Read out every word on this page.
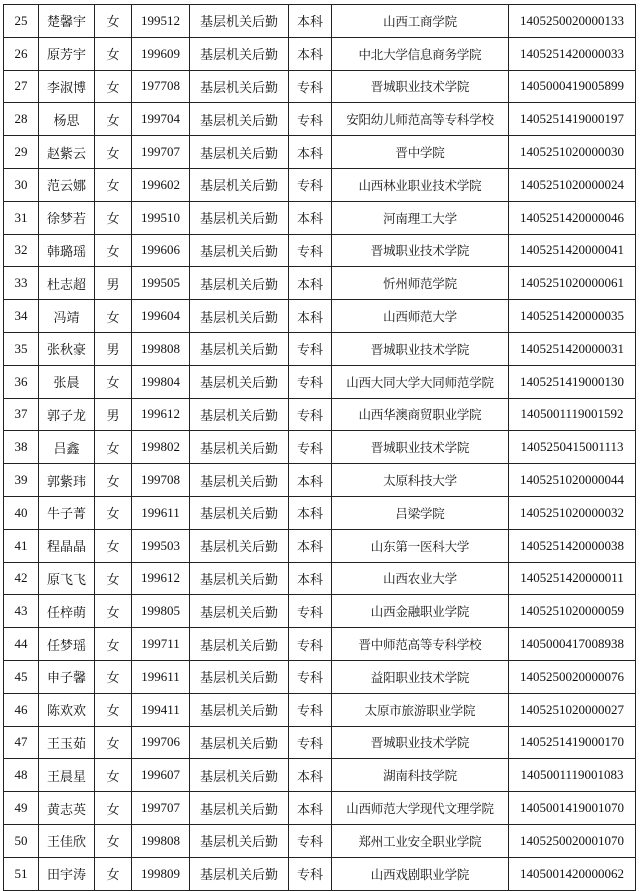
25	楚馨宇	女	199512	基层机关后勤	本科	山西工商学院	1405250020000133
26	原芳宇	女	199609	基层机关后勤	本科	中北大学信息商务学院	1405251420000033
27	李淑博	女	197708	基层机关后勤	专科	晋城职业技术学院	1405000419005899
28	杨思	女	199704	基层机关后勤	专科	安阳幼儿师范高等专科学校	1405251419000197
29	赵紫云	女	199707	基层机关后勤	本科	晋中学院	1405251020000030
30	范云娜	女	199602	基层机关后勤	专科	山西林业职业技术学院	1405251020000024
31	徐梦若	女	199510	基层机关后勤	本科	河南理工大学	1405251420000046
32	韩璐瑶	女	199606	基层机关后勤	专科	晋城职业技术学院	1405251420000041
33	杜志超	男	199505	基层机关后勤	本科	忻州师范学院	1405251020000061
34	冯靖	女	199604	基层机关后勤	本科	山西师范大学	1405251420000035
35	张秋豪	男	199808	基层机关后勤	专科	晋城职业技术学院	1405251420000031
36	张晨	女	199804	基层机关后勤	专科	山西大同大学大同师范学院	1405251419000130
37	郭子龙	男	199612	基层机关后勤	专科	山西华澳商贸职业学院	1405001119001592
38	吕鑫	女	199802	基层机关后勤	专科	晋城职业技术学院	1405250415001113
39	郭紫玮	女	199708	基层机关后勤	本科	太原科技大学	1405251020000044
40	牛子菁	女	199611	基层机关后勤	本科	吕梁学院	1405251020000032
41	程晶晶	女	199503	基层机关后勤	本科	山东第一医科大学	1405251420000038
42	原飞飞	女	199612	基层机关后勤	本科	山西农业大学	1405251420000011
43	任梓萌	女	199805	基层机关后勤	专科	山西金融职业学院	1405251020000059
44	任梦瑶	女	199711	基层机关后勤	专科	晋中师范高等专科学校	1405000417008938
45	申子馨	女	199611	基层机关后勤	专科	益阳职业技术学院	1405250020000076
46	陈欢欢	女	199411	基层机关后勤	专科	太原市旅游职业学院	1405251020000027
47	王玉茹	女	199706	基层机关后勤	专科	晋城职业技术学院	1405251419000170
48	王晨星	女	199607	基层机关后勤	本科	湖南科技学院	1405001119001083
49	黄志英	女	199707	基层机关后勤	本科	山西师范大学现代文理学院	1405001419001070
50	王佳欣	女	199808	基层机关后勤	专科	郑州工业安全职业学院	1405250020001070
51	田宇涛	女	199809	基层机关后勤	专科	山西戏剧职业学院	1405001420000062
